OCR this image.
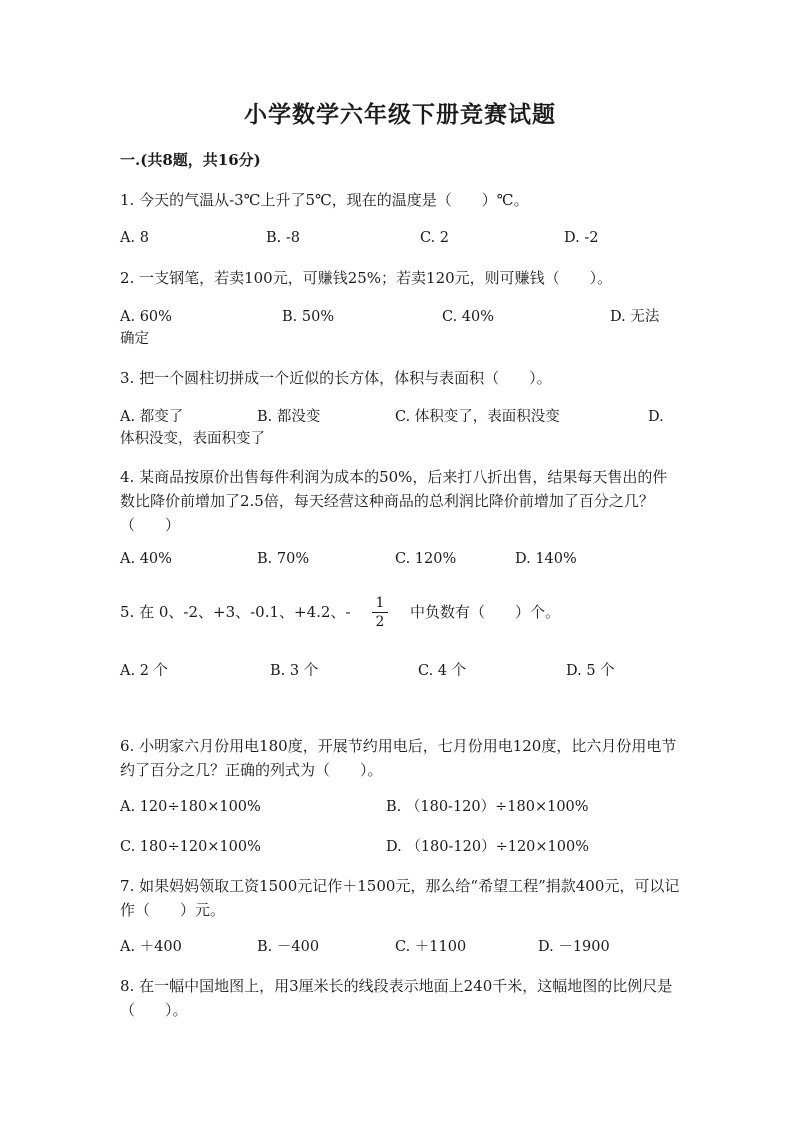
小学数学六年级下册竞赛试题
一.(共8题，共16分)
1. 今天的气温从-3℃上升了5℃，现在的温度是（　　）℃。
A. 8	B. -8	C. 2	D. -2
2. 一支钢笔，若卖100元，可赚钱25%；若卖120元，则可赚钱（　　）。
A. 60%	B. 50%	C. 40%	D. 无法确定
3. 把一个圆柱切拼成一个近似的长方体，体积与表面积（　　）。
A. 都变了	B. 都没变	C. 体积变了，表面积没变	D. 体积没变，表面积变了
4. 某商品按原价出售每件利润为成本的50%，后来打八折出售，结果每天售出的件数比降价前增加了2.5倍，每天经营这种商品的总利润比降价前增加了百分之几？（　　）
A. 40%	B. 70%	C. 120%	D. 140%
5. 在 0、-2、+3、-0.1、+4.2、-	1
2
中负数有（　　）个。
A. 2 个	B. 3 个	C. 4 个	D. 5 个
6. 小明家六月份用电180度，开展节约用电后，七月份用电120度，比六月份用电节约了百分之几？正确的列式为（　　）。
A. 120÷180×100%	B. （180-120）÷180×100%
C. 180÷120×100%	D. （180-120）÷120×100%
7. 如果妈妈领取工资1500元记作＋1500元，那么给“希望工程”捐款400元，可以记作（　　）元。
A. ＋400	B. －400	C. ＋1100	D. －1900
8. 在一幅中国地图上，用3厘米长的线段表示地面上240千米，这幅地图的比例尺是（　　）。
